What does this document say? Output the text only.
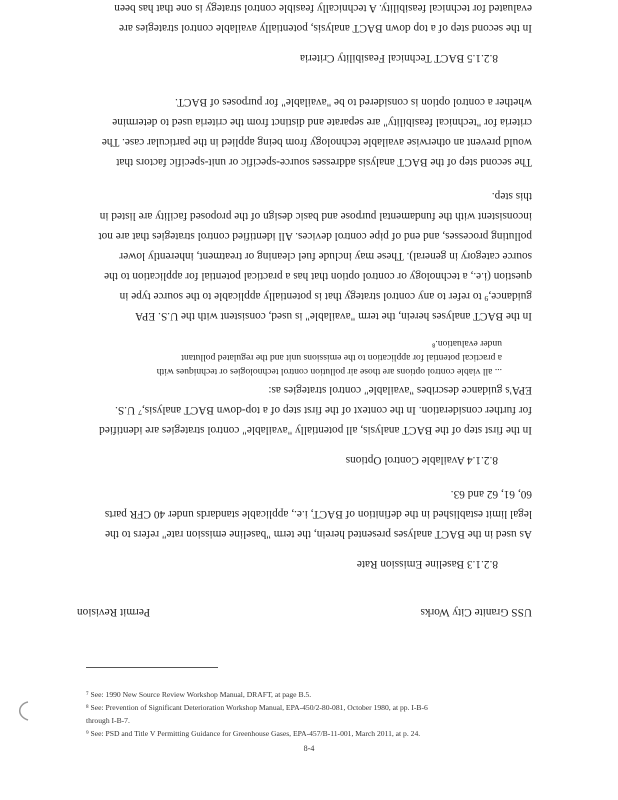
USS Granite City Works
Permit Revision
8.2.1.3 Baseline Emission Rate
As used in the BACT analyses presented herein, the term "baseline emission rate" refers to the
legal limit established in the definition of BACT, i.e., applicable standards under 40 CFR parts
60, 61, 62 and 63.
8.2.1.4 Available Control Options
In the first step of the BACT analysis, all potentially "available" control strategies are identified
for further consideration. In the context of the first step of a top-down BACT analysis,⁷ U.S.
EPA's guidance describes "available" control strategies as:
... all viable control options are those air pollution control technologies or techniques with
a practical potential for application to the emissions unit and the regulated pollutant
under evaluation.⁸
In the BACT analyses herein, the term "available" is used, consistent with the U.S. EPA
guidance,⁹ to refer to any control strategy that is potentially applicable to the source type in
question (i.e., a technology or control option that has a practical potential for application to the
source category in general). These may include fuel cleaning or treatment, inherently lower
polluting processes, and end of pipe control devices. All identified control strategies that are not
inconsistent with the fundamental purpose and basic design of the proposed facility are listed in
this step.
The second step of the BACT analysis addresses source-specific or unit-specific factors that
would prevent an otherwise available technology from being applied in the particular case. The
criteria for "technical feasibility" are separate and distinct from the criteria used to determine
whether a control option is considered to be "available" for purposes of BACT.
8.2.1.5 BACT Technical Feasibility Criteria
In the second step of a top down BACT analysis, potentially available control strategies are
evaluated for technical feasibility. A technically feasible control strategy is one that has been
⁷ See: 1990 New Source Review Workshop Manual, DRAFT, at page B.5.
⁸ See: Prevention of Significant Deterioration Workshop Manual, EPA-450/2-80-081, October 1980, at pp. I-B-6
through I-B-7.
⁹ See: PSD and Title V Permitting Guidance for Greenhouse Gases, EPA-457/B-11-001, March 2011, at p. 24.
8-4
